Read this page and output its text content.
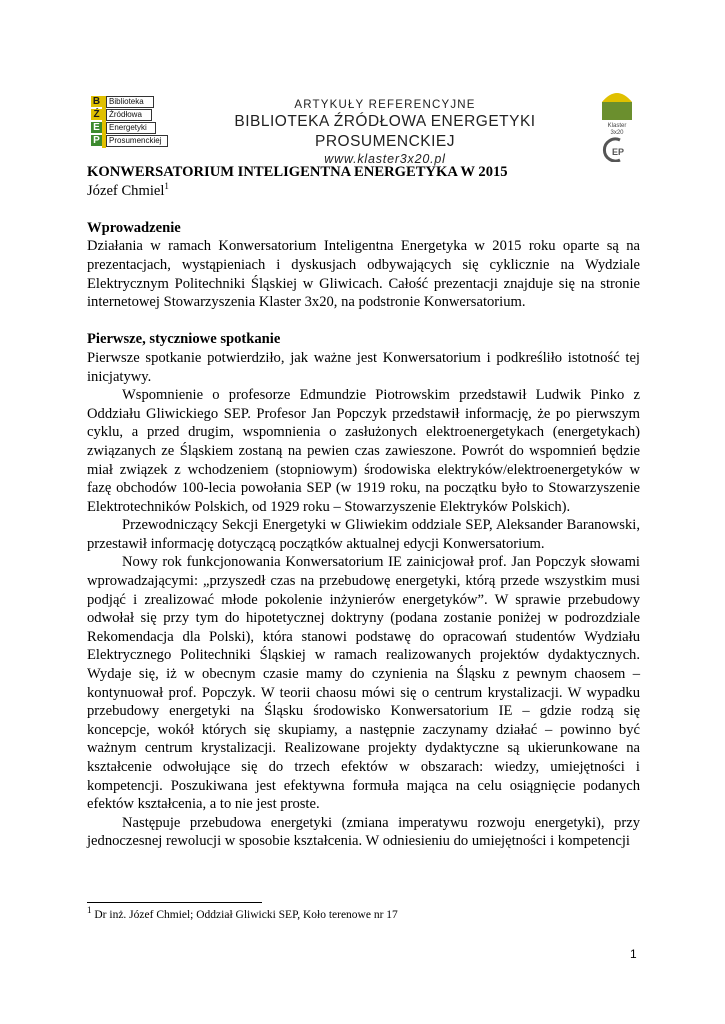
B	Biblioteka
Ź	Źródłowa
E	Energetyki
P	Prosumenckiej
ARTYKUŁY REFERENCYJNE
BIBLIOTEKA ŹRÓDŁOWA ENERGETYKI PROSUMENCKIEJ
www.klaster3x20.pl
Klaster
3x20
EP
KONWERSATORIUM INTELIGENTNA ENERGETYKA W 2015
Józef Chmiel$^1$
Wprowadzenie

Działania w ramach Konwersatorium Inteligentna Energetyka w 2015 roku oparte są na prezentacjach, wystąpieniach i dyskusjach odbywających się cyklicznie na Wydziale Elektrycznym Politechniki Śląskiej w Gliwicach. Całość prezentacji znajduje się na stronie internetowej Stowarzyszenia Klaster 3x20, na podstronie Konwersatorium.

Pierwsze, styczniowe spotkanie

Pierwsze spotkanie potwierdziło, jak ważne jest Konwersatorium i podkreśliło istotność tej inicjatywy.

Wspomnienie o profesorze Edmundzie Piotrowskim przedstawił Ludwik Pinko z Oddziału Gliwickiego SEP. Profesor Jan Popczyk przedstawił informację, że po pierwszym cyklu, a przed drugim, wspomnienia o zasłużonych elektroenergetykach (energetykach) związanych ze Śląskiem zostaną na pewien czas zawieszone. Powrót do wspomnień będzie miał związek z wchodzeniem (stopniowym) środowiska elektryków/elektroenergetyków w fazę obchodów 100-lecia powołania SEP (w 1919 roku, na początku było to Stowarzyszenie Elektrotechników Polskich, od 1929 roku – Stowarzyszenie Elektryków Polskich).

Przewodniczący Sekcji Energetyki w Gliwiekim oddziale SEP, Aleksander Baranowski, przestawił informację dotyczącą początków aktualnej edycji Konwersatorium.

Nowy rok funkcjonowania Konwersatorium IE zainicjował prof. Jan Popczyk słowami wprowadzającymi: „przyszedł czas na przebudowę energetyki, którą przede wszystkim musi podjąć i zrealizować młode pokolenie inżynierów energetyków”. W sprawie przebudowy odwołał się przy tym do hipotetycznej doktryny (podana zostanie poniżej w podrozdziale Rekomendacja dla Polski), która stanowi podstawę do opracowań studentów Wydziału Elektrycznego Politechniki Śląskiej w ramach realizowanych projektów dydaktycznych. Wydaje się, iż w obecnym czasie mamy do czynienia na Śląsku z pewnym chaosem – kontynuował prof. Popczyk. W teorii chaosu mówi się o centrum krystalizacji. W wypadku przebudowy energetyki na Śląsku środowisko Konwersatorium IE – gdzie rodzą się koncepcje, wokół których się skupiamy, a następnie zaczynamy działać – powinno być ważnym centrum krystalizacji. Realizowane projekty dydaktyczne są ukierunkowane na kształcenie odwołujące się do trzech efektów w obszarach: wiedzy, umiejętności i kompetencji. Poszukiwana jest efektywna formuła mająca na celu osiągnięcie podanych efektów kształcenia, a to nie jest proste.

Następuje przebudowa energetyki (zmiana imperatywu rozwoju energetyki), przy jednoczesnej rewolucji w sposobie kształcenia. W odniesieniu do umiejętności i kompetencji

$^1$ Dr inż. Józef Chmiel; Oddział Gliwicki SEP, Koło terenowe nr 17
1
